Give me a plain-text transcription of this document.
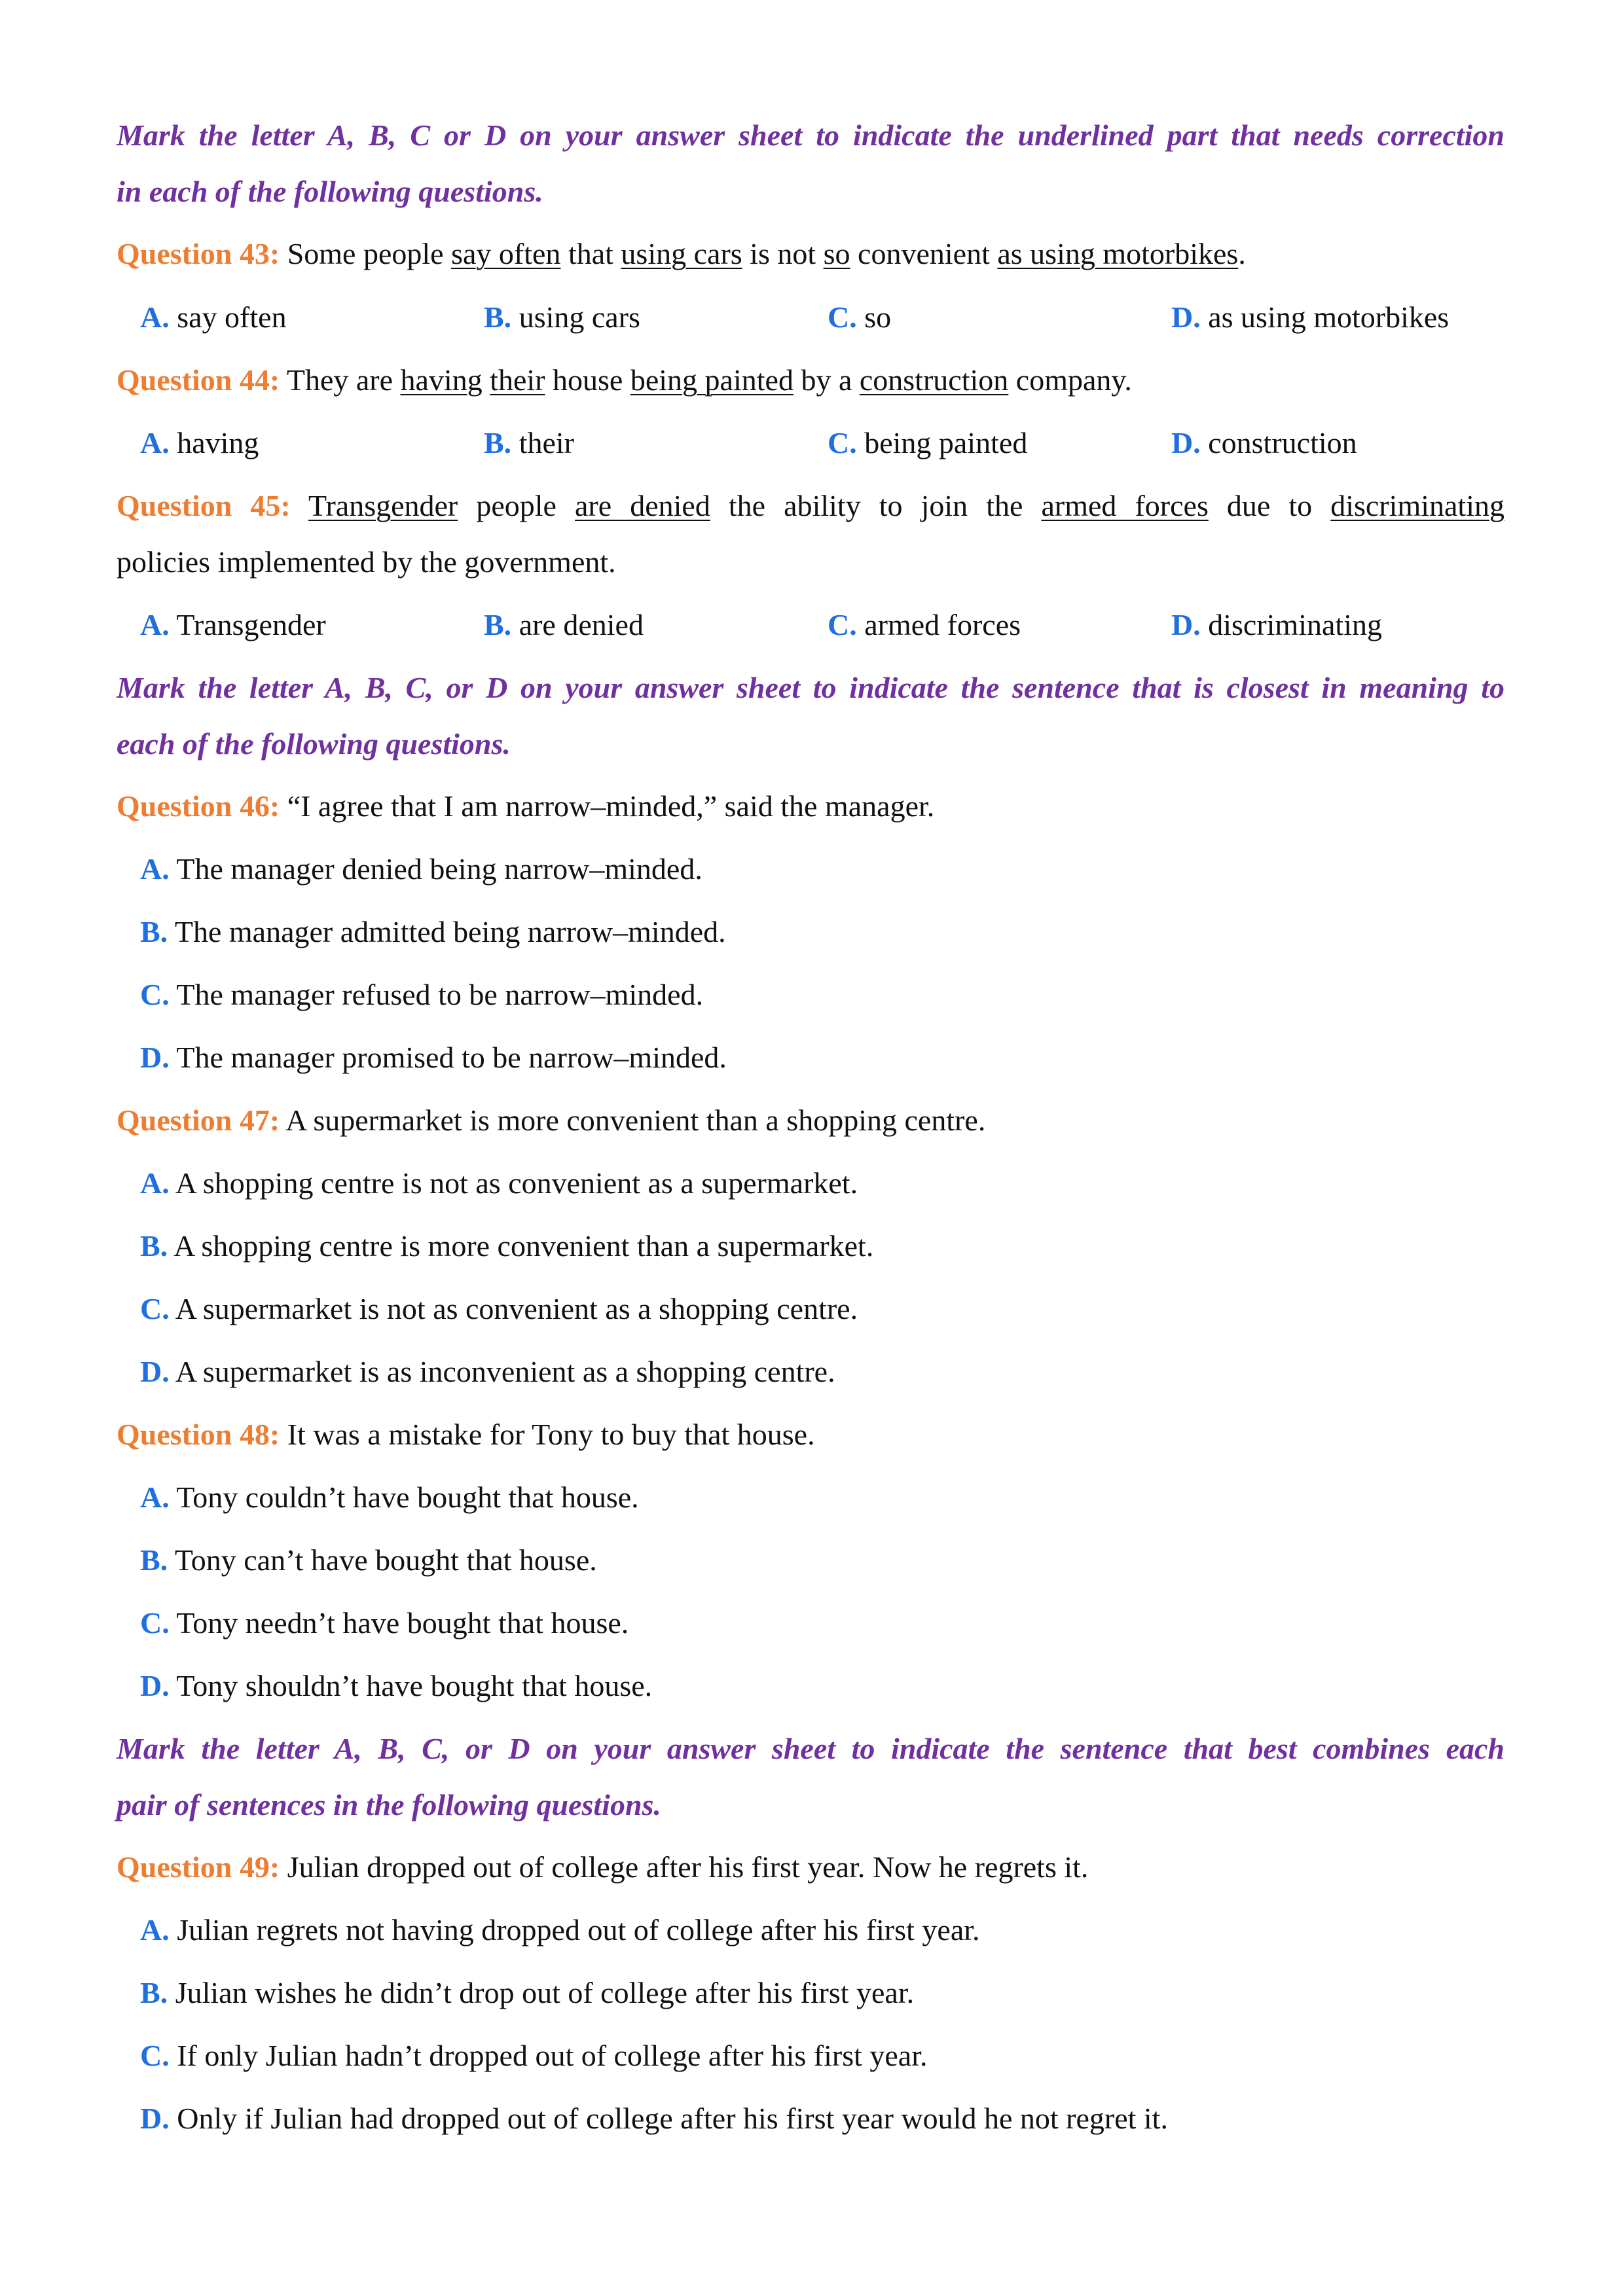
Mark the letter A, B, C or D on your answer sheet to indicate the underlined part that needs correction
in each of the following questions.
Question 43: Some people say often that using cars is not so convenient as using motorbikes.
A. say often	B. using cars	C. so	D. as using motorbikes
Question 44: They are having their house being painted by a construction company.
A. having	B. their	C. being painted	D. construction
Question 45: Transgender people are denied the ability to join the armed forces due to discriminating
policies implemented by the government.
A. Transgender	B. are denied	C. armed forces	D. discriminating
Mark the letter A, B, C, or D on your answer sheet to indicate the sentence that is closest in meaning to
each of the following questions.
Question 46: “I agree that I am narrow–minded,” said the manager.
A. The manager denied being narrow–minded.
B. The manager admitted being narrow–minded.
C. The manager refused to be narrow–minded.
D. The manager promised to be narrow–minded.
Question 47: A supermarket is more convenient than a shopping centre.
A. A shopping centre is not as convenient as a supermarket.
B. A shopping centre is more convenient than a supermarket.
C. A supermarket is not as convenient as a shopping centre.
D. A supermarket is as inconvenient as a shopping centre.
Question 48: It was a mistake for Tony to buy that house.
A. Tony couldn’t have bought that house.
B. Tony can’t have bought that house.
C. Tony needn’t have bought that house.
D. Tony shouldn’t have bought that house.
Mark the letter A, B, C, or D on your answer sheet to indicate the sentence that best combines each
pair of sentences in the following questions.
Question 49: Julian dropped out of college after his first year. Now he regrets it.
A. Julian regrets not having dropped out of college after his first year.
B. Julian wishes he didn’t drop out of college after his first year.
C. If only Julian hadn’t dropped out of college after his first year.
D. Only if Julian had dropped out of college after his first year would he not regret it.
